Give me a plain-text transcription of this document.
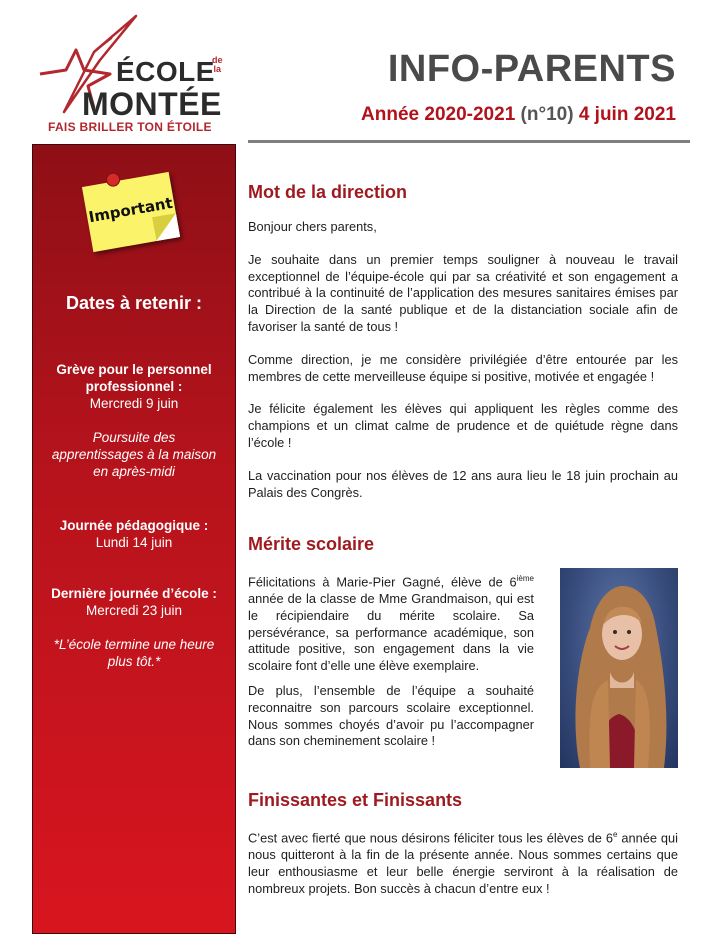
ÉCOLE
de
la
MONTÉE
FAIS BRILLER TON ÉTOILE
INFO-PARENTS
Année 2020-2021 (n°10) 4 juin 2021
Important
Dates à retenir :
Grève pour le personnel professionnel :
Mercredi 9 juin
Poursuite des apprentissages à la maison en après-midi
Journée pédagogique :
Lundi 14 juin
Dernière journée d’école :
Mercredi 23 juin
*L’école termine une heure plus tôt.*
Mot de la direction

Bonjour chers parents,

Je souhaite dans un premier temps souligner à nouveau le travail exceptionnel de l’équipe-école qui par sa créativité et son engagement a contribué à la continuité de l’application des mesures sanitaires émises par la Direction de la santé publique et de la distanciation sociale afin de favoriser la santé de tous !

Comme direction, je me considère privilégiée d’être entourée par les membres de cette merveilleuse équipe si positive, motivée et engagée !

Je félicite également les élèves qui appliquent les règles comme des champions et un climat calme de prudence et de quiétude règne dans l’école !

La vaccination pour nos élèves de 12 ans aura lieu le 18 juin prochain au Palais des Congrès.

Mérite scolaire

Félicitations à Marie-Pier Gagné, élève de 6ième année de la classe de Mme Grandmaison, qui est le récipiendaire du mérite scolaire. Sa persévérance, sa performance académique, son attitude positive, son engagement dans la vie scolaire font d’elle une élève exemplaire.

De plus, l’ensemble de l’équipe a souhaité reconnaitre son parcours scolaire exceptionnel. Nous sommes choyés d’avoir pu l’accompagner dans son cheminement scolaire !

Finissantes et Finissants

C’est avec fierté que nous désirons féliciter tous les élèves de 6e année qui nous quitteront à la fin de la présente année. Nous sommes certains que leur enthousiasme et leur belle énergie serviront à la réalisation de nombreux projets. Bon succès à chacun d’entre eux !
